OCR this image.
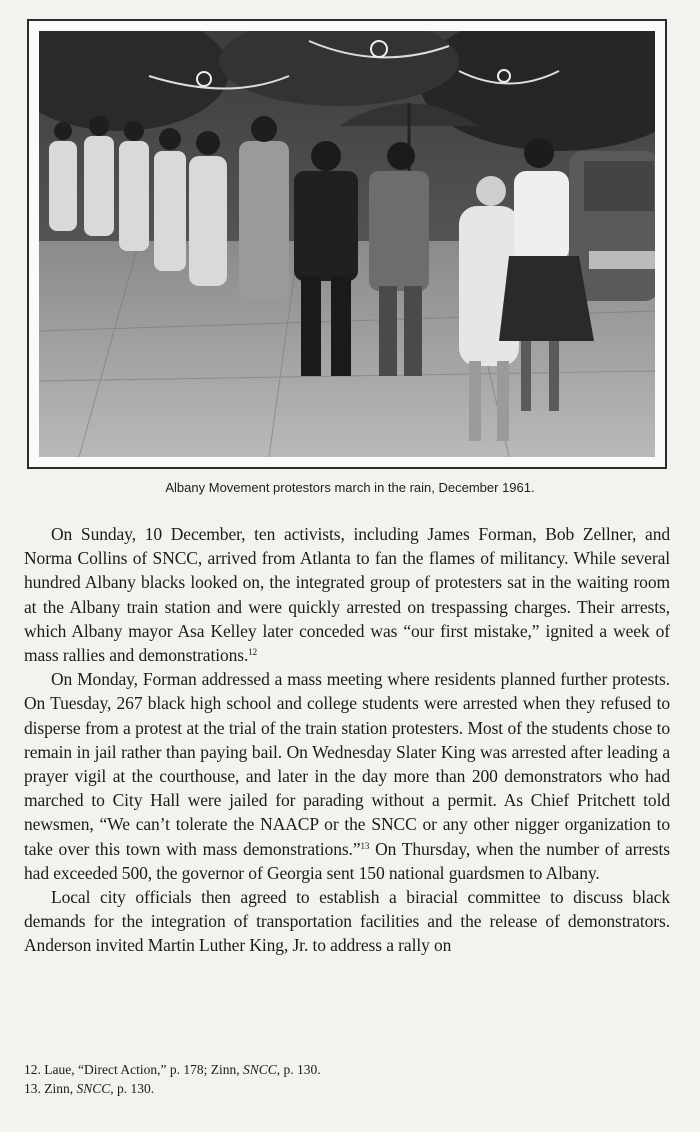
Albany Movement protestors march in the rain, December 1961.

On Sunday, 10 December, ten activists, including James Forman, Bob Zellner, and Norma Collins of SNCC, arrived from Atlanta to fan the flames of militancy. While several hundred Albany blacks looked on, the integrated group of protesters sat in the waiting room at the Albany train station and were quickly arrested on trespassing charges. Their arrests, which Albany mayor Asa Kelley later conceded was “our first mistake,” ignited a week of mass rallies and demonstrations.$^{12}$

On Monday, Forman addressed a mass meeting where residents planned further protests. On Tuesday, 267 black high school and college students were arrested when they refused to disperse from a protest at the trial of the train station protesters. Most of the students chose to remain in jail rather than paying bail. On Wednesday Slater King was arrested after leading a prayer vigil at the courthouse, and later in the day more than 200 demonstrators who had marched to City Hall were jailed for parading without a permit. As Chief Pritchett told newsmen, “We can’t tolerate the NAACP or the SNCC or any other nigger organization to take over this town with mass demonstrations.”$^{13}$ On Thursday, when the number of arrests had exceeded 500, the governor of Georgia sent 150 national guardsmen to Albany.

Local city officials then agreed to establish a biracial committee to discuss black demands for the integration of transportation facilities and the release of demonstrators. Anderson invited Martin Luther King, Jr. to address a rally on

12. Laue, “Direct Action,” p. 178; Zinn, SNCC, p. 130.
13. Zinn, SNCC, p. 130.
